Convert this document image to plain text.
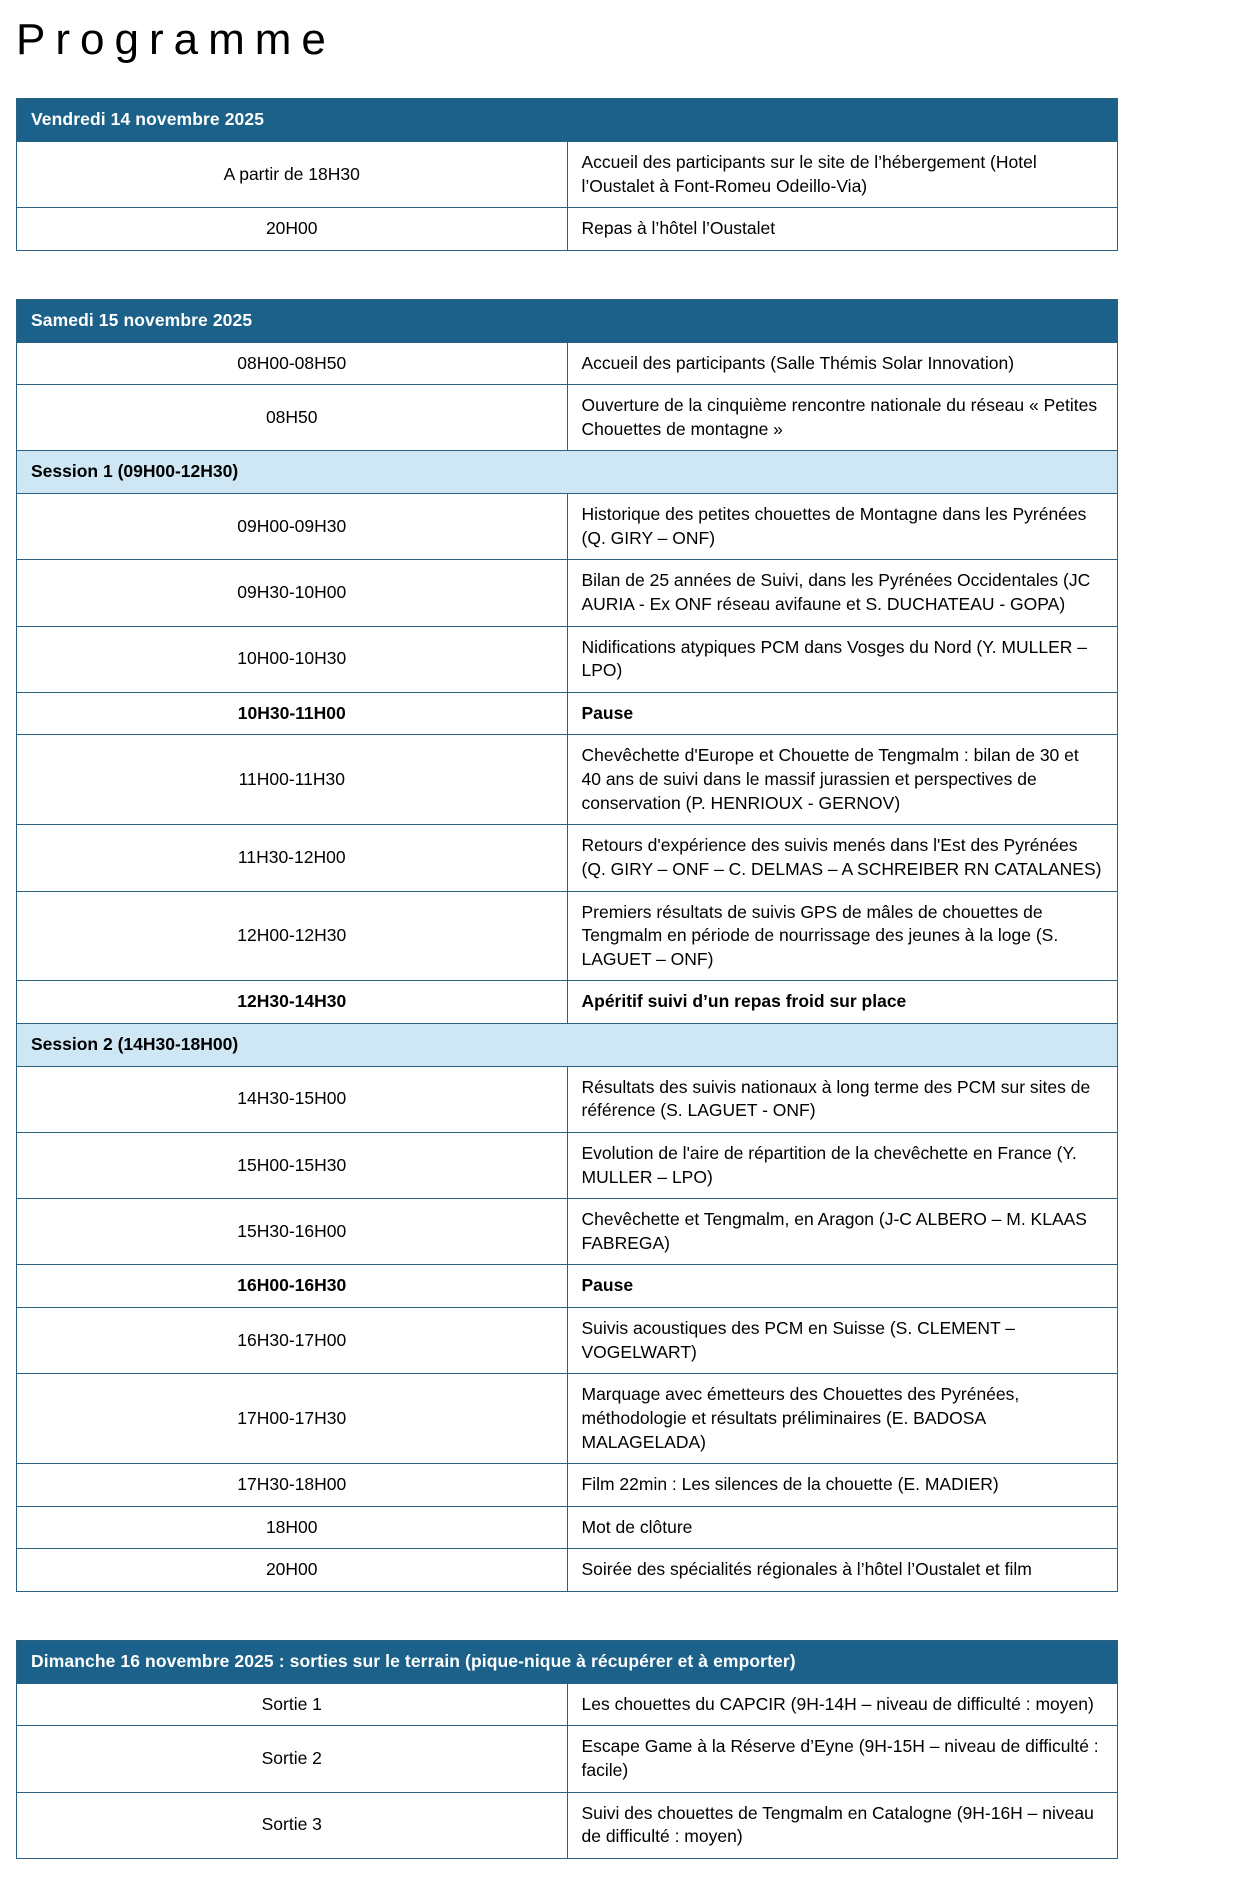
Programme
Vendredi 14 novembre 2025	
A partir de 18H30	Accueil des participants sur le site de l’hébergement (Hotel l’Oustalet à Font-Romeu Odeillo-Via)
20H00	Repas à l’hôtel l’Oustalet
Samedi 15 novembre 2025	
08H00-08H50	Accueil des participants (Salle Thémis Solar Innovation)
08H50	Ouverture de la cinquième rencontre nationale du réseau « Petites Chouettes de montagne »
Session 1 (09H00-12H30)	
09H00-09H30	Historique des petites chouettes de Montagne dans les Pyrénées (Q. GIRY – ONF)
09H30-10H00	Bilan de 25 années de Suivi, dans les Pyrénées Occidentales (JC AURIA - Ex ONF réseau avifaune et S. DUCHATEAU - GOPA)
10H00-10H30	Nidifications atypiques PCM dans Vosges du Nord (Y. MULLER – LPO)
10H30-11H00	Pause
11H00-11H30	Chevêchette d'Europe et Chouette de Tengmalm : bilan de 30 et 40 ans de suivi dans le massif jurassien et perspectives de conservation (P. HENRIOUX - GERNOV)
11H30-12H00	Retours d'expérience des suivis menés dans l'Est des Pyrénées (Q. GIRY – ONF – C. DELMAS – A SCHREIBER RN CATALANES)
12H00-12H30	Premiers résultats de suivis GPS de mâles de chouettes de Tengmalm en période de nourrissage des jeunes à la loge (S. LAGUET – ONF)
12H30-14H30	Apéritif suivi d’un repas froid sur place
Session 2 (14H30-18H00)	
14H30-15H00	Résultats des suivis nationaux à long terme des PCM sur sites de référence (S. LAGUET - ONF)
15H00-15H30	Evolution de l'aire de répartition de la chevêchette en France (Y. MULLER – LPO)
15H30-16H00	Chevêchette et Tengmalm, en Aragon (J-C ALBERO – M. KLAAS FABREGA)
16H00-16H30	Pause
16H30-17H00	Suivis acoustiques des PCM en Suisse (S. CLEMENT – VOGELWART)
17H00-17H30	Marquage avec émetteurs des Chouettes des Pyrénées, méthodologie et résultats préliminaires (E. BADOSA MALAGELADA)
17H30-18H00	Film 22min : Les silences de la chouette (E. MADIER)
18H00	Mot de clôture
20H00	Soirée des spécialités régionales à l’hôtel l’Oustalet et film
Dimanche 16 novembre 2025 : sorties sur le terrain (pique-nique à récupérer et à emporter)	
Sortie 1	Les chouettes du CAPCIR (9H-14H – niveau de difficulté : moyen)
Sortie 2	Escape Game à la Réserve d’Eyne (9H-15H – niveau de difficulté : facile)
Sortie 3	Suivi des chouettes de Tengmalm en Catalogne (9H-16H – niveau de difficulté : moyen)
